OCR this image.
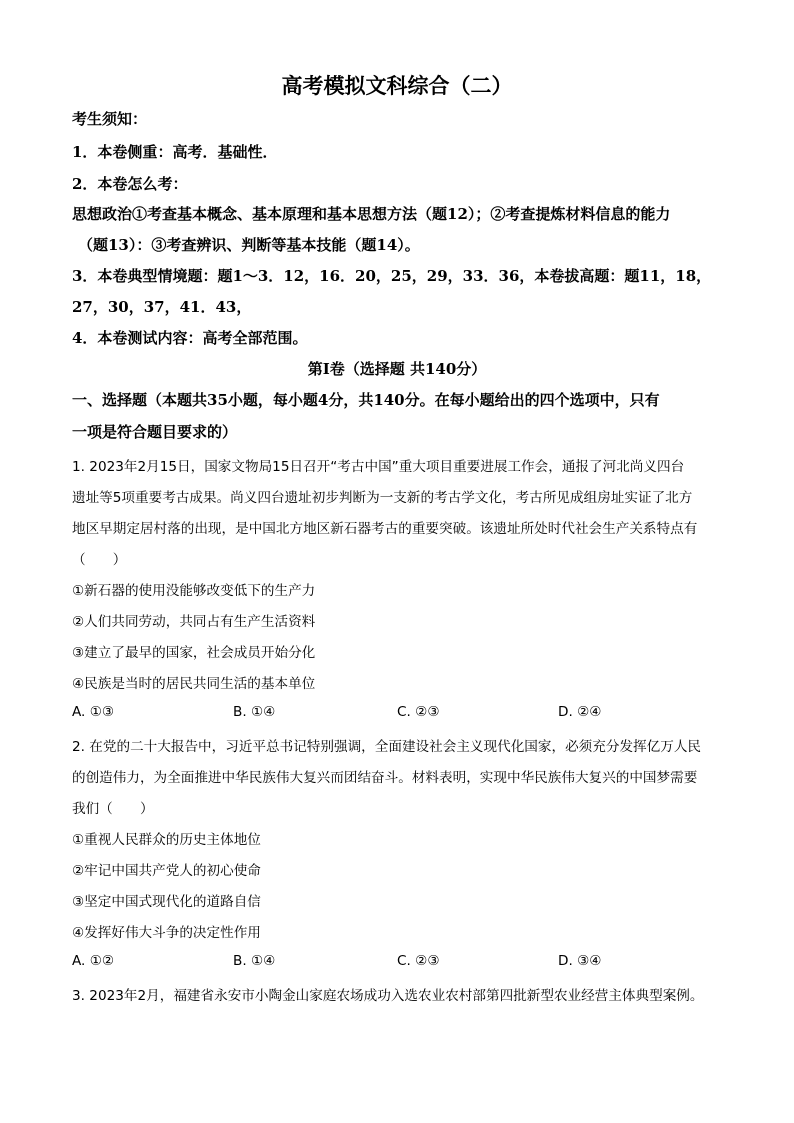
高考模拟文科综合（二）
考生须知：
1．本卷侧重：高考．基础性．
2．本卷怎么考：
思想政治①考查基本概念、基本原理和基本思想方法（题12）；②考查提炼材料信息的能力
（题13）：③考查辨识、判断等基本技能（题14）。
3．本卷典型情境题：题1～3．12，16．20，25，29，33．36，本卷拔高题：题11，18，
27，30，37，41．43，
4．本卷测试内容：高考全部范围。
第Ⅰ卷（选择题 共140分）
一、选择题（本题共35小题，每小题4分，共140分。在每小题给出的四个选项中，只有
一项是符合题目要求的）
1. 2023年2月15日，国家文物局15日召开“考古中国”重大项目重要进展工作会，通报了河北尚义四台
遗址等5项重要考古成果。尚义四台遗址初步判断为一支新的考古学文化，考古所见成组房址实证了北方
地区早期定居村落的出现，是中国北方地区新石器考古的重要突破。该遗址所处时代社会生产关系特点有
（　　）
①新石器的使用没能够改变低下的生产力
②人们共同劳动，共同占有生产生活资料
③建立了最早的国家，社会成员开始分化
④民族是当时的居民共同生活的基本单位
A. ①③	B. ①④	C. ②③	D. ②④
2. 在党的二十大报告中，习近平总书记特别强调，全面建设社会主义现代化国家，必须充分发挥亿万人民
的创造伟力，为全面推进中华民族伟大复兴而团结奋斗。材料表明，实现中华民族伟大复兴的中国梦需要
我们（　　）
①重视人民群众的历史主体地位
②牢记中国共产党人的初心使命
③坚定中国式现代化的道路自信
④发挥好伟大斗争的决定性作用
A. ①②	B. ①④	C. ②③	D. ③④
3. 2023年2月，福建省永安市小陶金山家庭农场成功入选农业农村部第四批新型农业经营主体典型案例。
